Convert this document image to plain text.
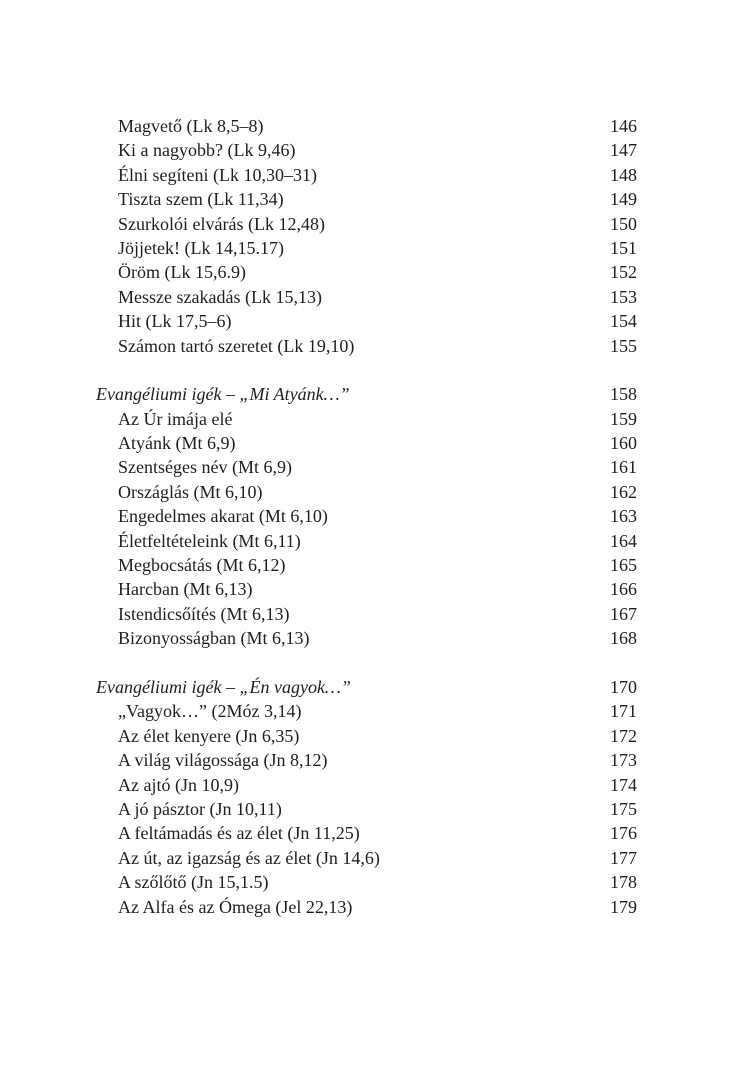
Magvető (Lk 8,5–8)	146
Ki a nagyobb? (Lk 9,46)	147
Élni segíteni (Lk 10,30–31)	148
Tiszta szem (Lk 11,34)	149
Szurkolói elvárás (Lk 12,48)	150
Jöjjetek! (Lk 14,15.17)	151
Öröm (Lk 15,6.9)	152
Messze szakadás (Lk 15,13)	153
Hit (Lk 17,5–6)	154
Számon tartó szeretet (Lk 19,10)	155
Evangéliumi igék – „Mi Atyánk…”	158
Az Úr imája elé	159
Atyánk (Mt 6,9)	160
Szentséges név (Mt 6,9)	161
Országlás (Mt 6,10)	162
Engedelmes akarat (Mt 6,10)	163
Életfeltételeink (Mt 6,11)	164
Megbocsátás (Mt 6,12)	165
Harcban (Mt 6,13)	166
Istendicsőítés (Mt 6,13)	167
Bizonyosságban (Mt 6,13)	168
Evangéliumi igék – „Én vagyok…”	170
„Vagyok…” (2Móz 3,14)	171
Az élet kenyere (Jn 6,35)	172
A világ világossága (Jn 8,12)	173
Az ajtó (Jn 10,9)	174
A jó pásztor (Jn 10,11)	175
A feltámadás és az élet (Jn 11,25)	176
Az út, az igazság és az élet (Jn 14,6)	177
A szőlőtő (Jn 15,1.5)	178
Az Alfa és az Ómega (Jel 22,13)	179
